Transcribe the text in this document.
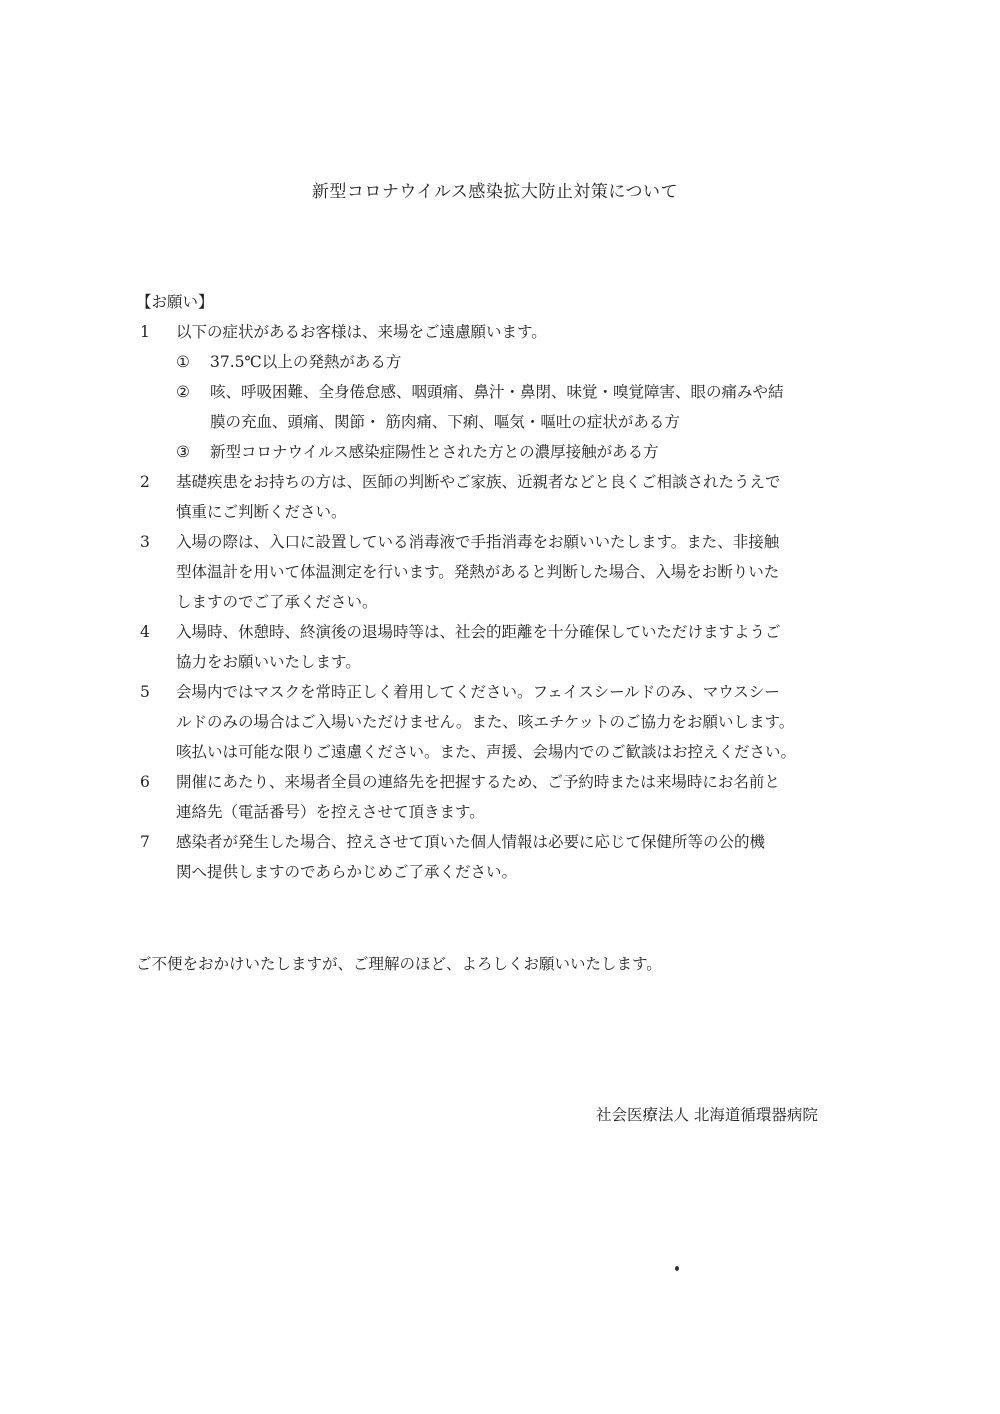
新型コロナウイルス感染拡大防止対策について
【お願い】
1	以下の症状があるお客様は、来場をご遠慮願います。
①	37.5℃以上の発熱がある方
②	咳、呼吸困難、全身倦怠感、咽頭痛、鼻汁・鼻閉、味覚・嗅覚障害、眼の痛みや結
膜の充血、頭痛、関節・ 筋肉痛、下痢、嘔気・嘔吐の症状がある方
③	新型コロナウイルス感染症陽性とされた方との濃厚接触がある方
2	基礎疾患をお持ちの方は、医師の判断やご家族、近親者などと良くご相談されたうえで
慎重にご判断ください。
3	入場の際は、入口に設置している消毒液で手指消毒をお願いいたします。また、非接触
型体温計を用いて体温測定を行います。発熱があると判断した場合、入場をお断りいた
しますのでご了承ください。
4	入場時、休憩時、終演後の退場時等は、社会的距離を十分確保していただけますようご
協力をお願いいたします。
5	会場内ではマスクを常時正しく着用してください。フェイスシールドのみ、マウスシー
ルドのみの場合はご入場いただけません。また、咳エチケットのご協力をお願いします。
咳払いは可能な限りご遠慮ください。また、声援、会場内でのご歓談はお控えください。
6	開催にあたり、来場者全員の連絡先を把握するため、ご予約時または来場時にお名前と
連絡先（電話番号）を控えさせて頂きます。
7	感染者が発生した場合、控えさせて頂いた個人情報は必要に応じて保健所等の公的機
関へ提供しますのであらかじめご了承ください。
ご不便をおかけいたしますが、ご理解のほど、よろしくお願いいたします。
社会医療法人 北海道循環器病院
